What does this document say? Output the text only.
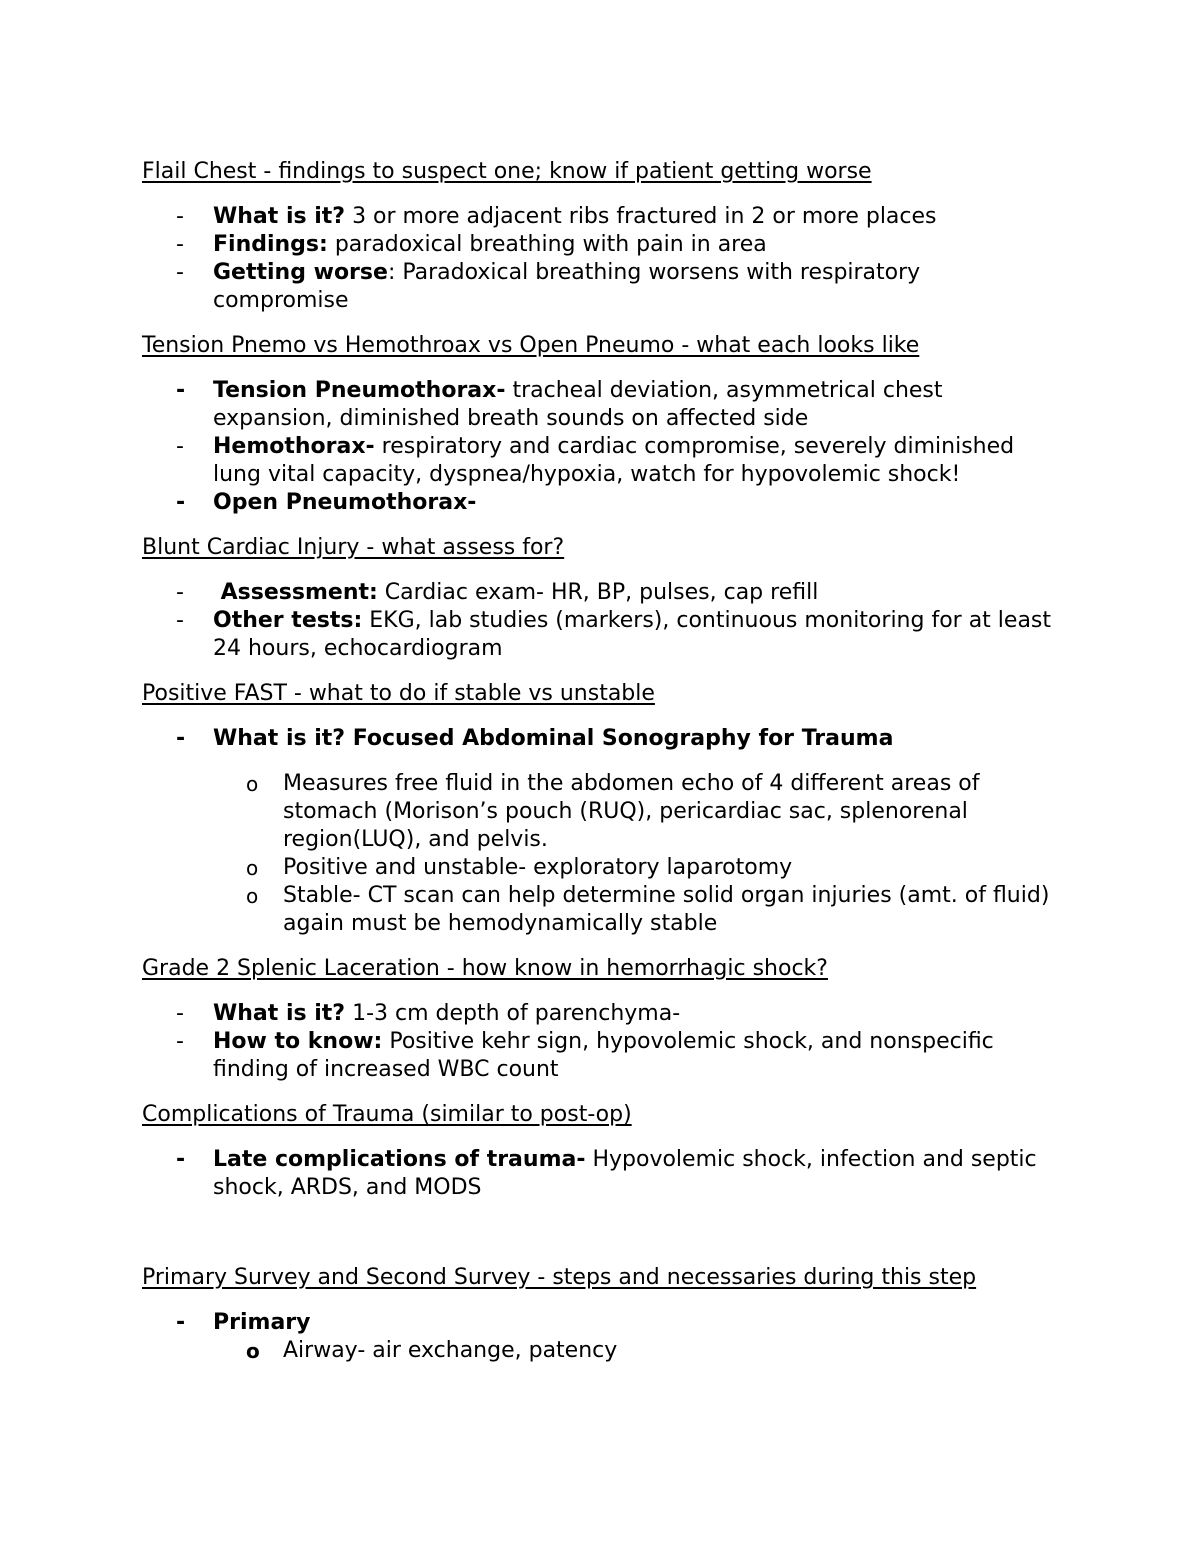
Flail Chest - findings to suspect one; know if patient getting worse
-	What is it? 3 or more adjacent ribs fractured in 2 or more places
-	Findings: paradoxical breathing with pain in area
-	Getting worse: Paradoxical breathing worsens with respiratory compromise
Tension Pnemo vs Hemothroax vs Open Pneumo - what each looks like
-	Tension Pneumothorax- tracheal deviation, asymmetrical chest expansion, diminished breath sounds on affected side
-	Hemothorax- respiratory and cardiac compromise, severely diminished lung vital capacity, dyspnea/hypoxia, watch for hypovolemic shock!
-	Open Pneumothorax-
Blunt Cardiac Injury - what assess for?
-	Assessment: Cardiac exam- HR, BP, pulses, cap refill
-	Other tests: EKG, lab studies (markers), continuous monitoring for at least 24 hours, echocardiogram
Positive FAST - what to do if stable vs unstable
-	What is it? Focused Abdominal Sonography for Trauma
o Measures free fluid in the abdomen echo of 4 different areas of stomach (Morison’s pouch (RUQ), pericardiac sac, splenorenal region(LUQ), and pelvis.
o Positive and unstable- exploratory laparotomy
o Stable- CT scan can help determine solid organ injuries (amt. of fluid) again must be hemodynamically stable
Grade 2 Splenic Laceration - how know in hemorrhagic shock?
-	What is it? 1-3 cm depth of parenchyma-
-	How to know: Positive kehr sign, hypovolemic shock, and nonspecific finding of increased WBC count
Complications of Trauma (similar to post-op)
-	Late complications of trauma- Hypovolemic shock, infection and septic shock, ARDS, and MODS
Primary Survey and Second Survey - steps and necessaries during this step
-	Primary
o Airway- air exchange, patency
